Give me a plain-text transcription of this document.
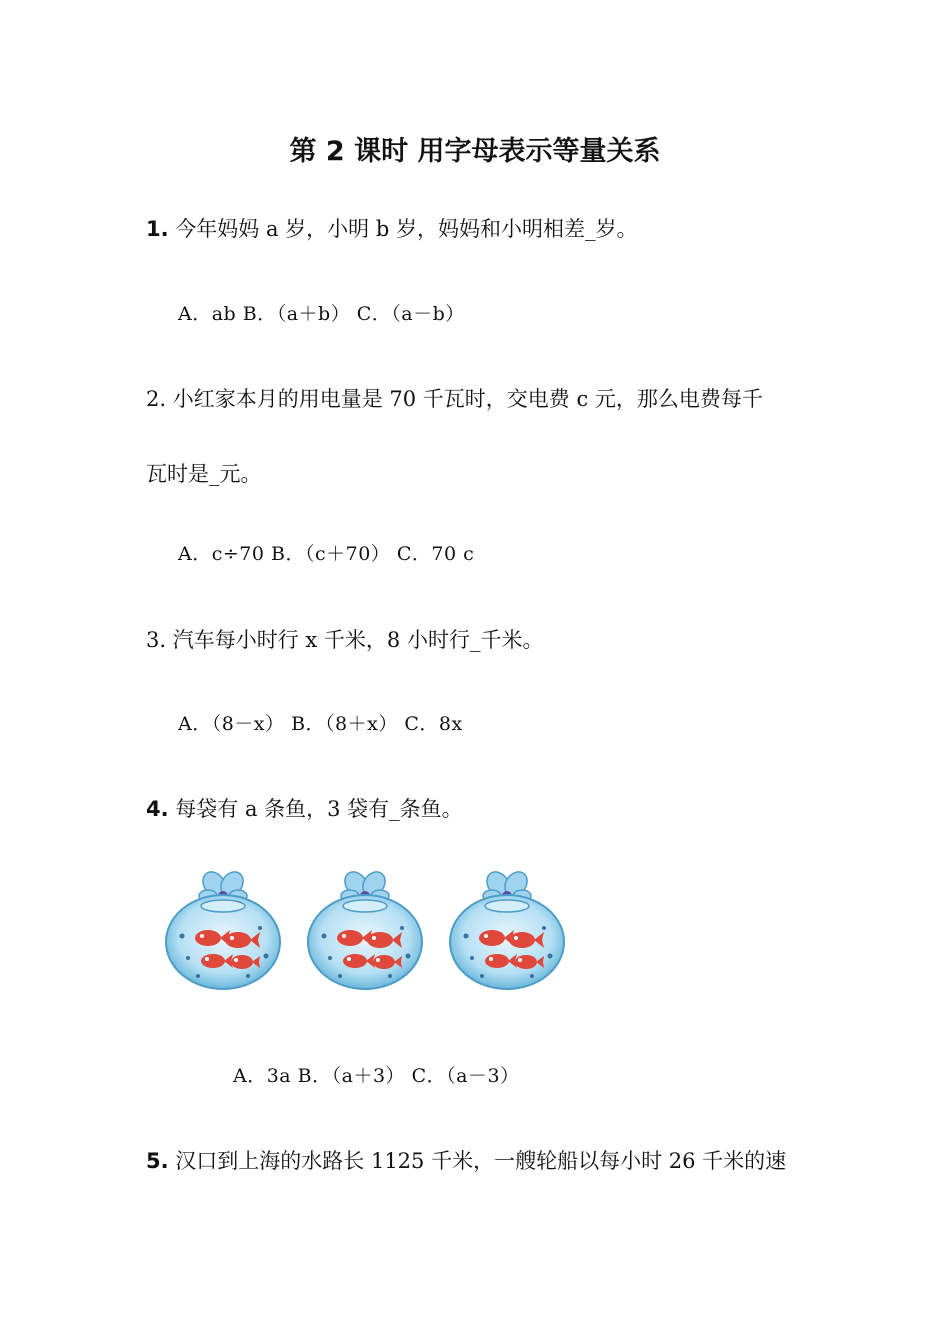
第 2 课时 用字母表示等量关系
1. 今年妈妈 a 岁，小明 b 岁，妈妈和小明相差_岁。
A．ab B．（a＋b） C．（a－b）
2. 小红家本月的用电量是 70 千瓦时，交电费 c 元，那么电费每千
瓦时是_元。
A．c÷70 B．（c＋70） C．70 c
3. 汽车每小时行 x 千米，8 小时行_千米。
A．（8－x） B．（8＋x） C．8x
4. 每袋有 a 条鱼，3 袋有_条鱼。
A．3a B．（a＋3） C．（a－3）
5. 汉口到上海的水路长 1125 千米，一艘轮船以每小时 26 千米的速
